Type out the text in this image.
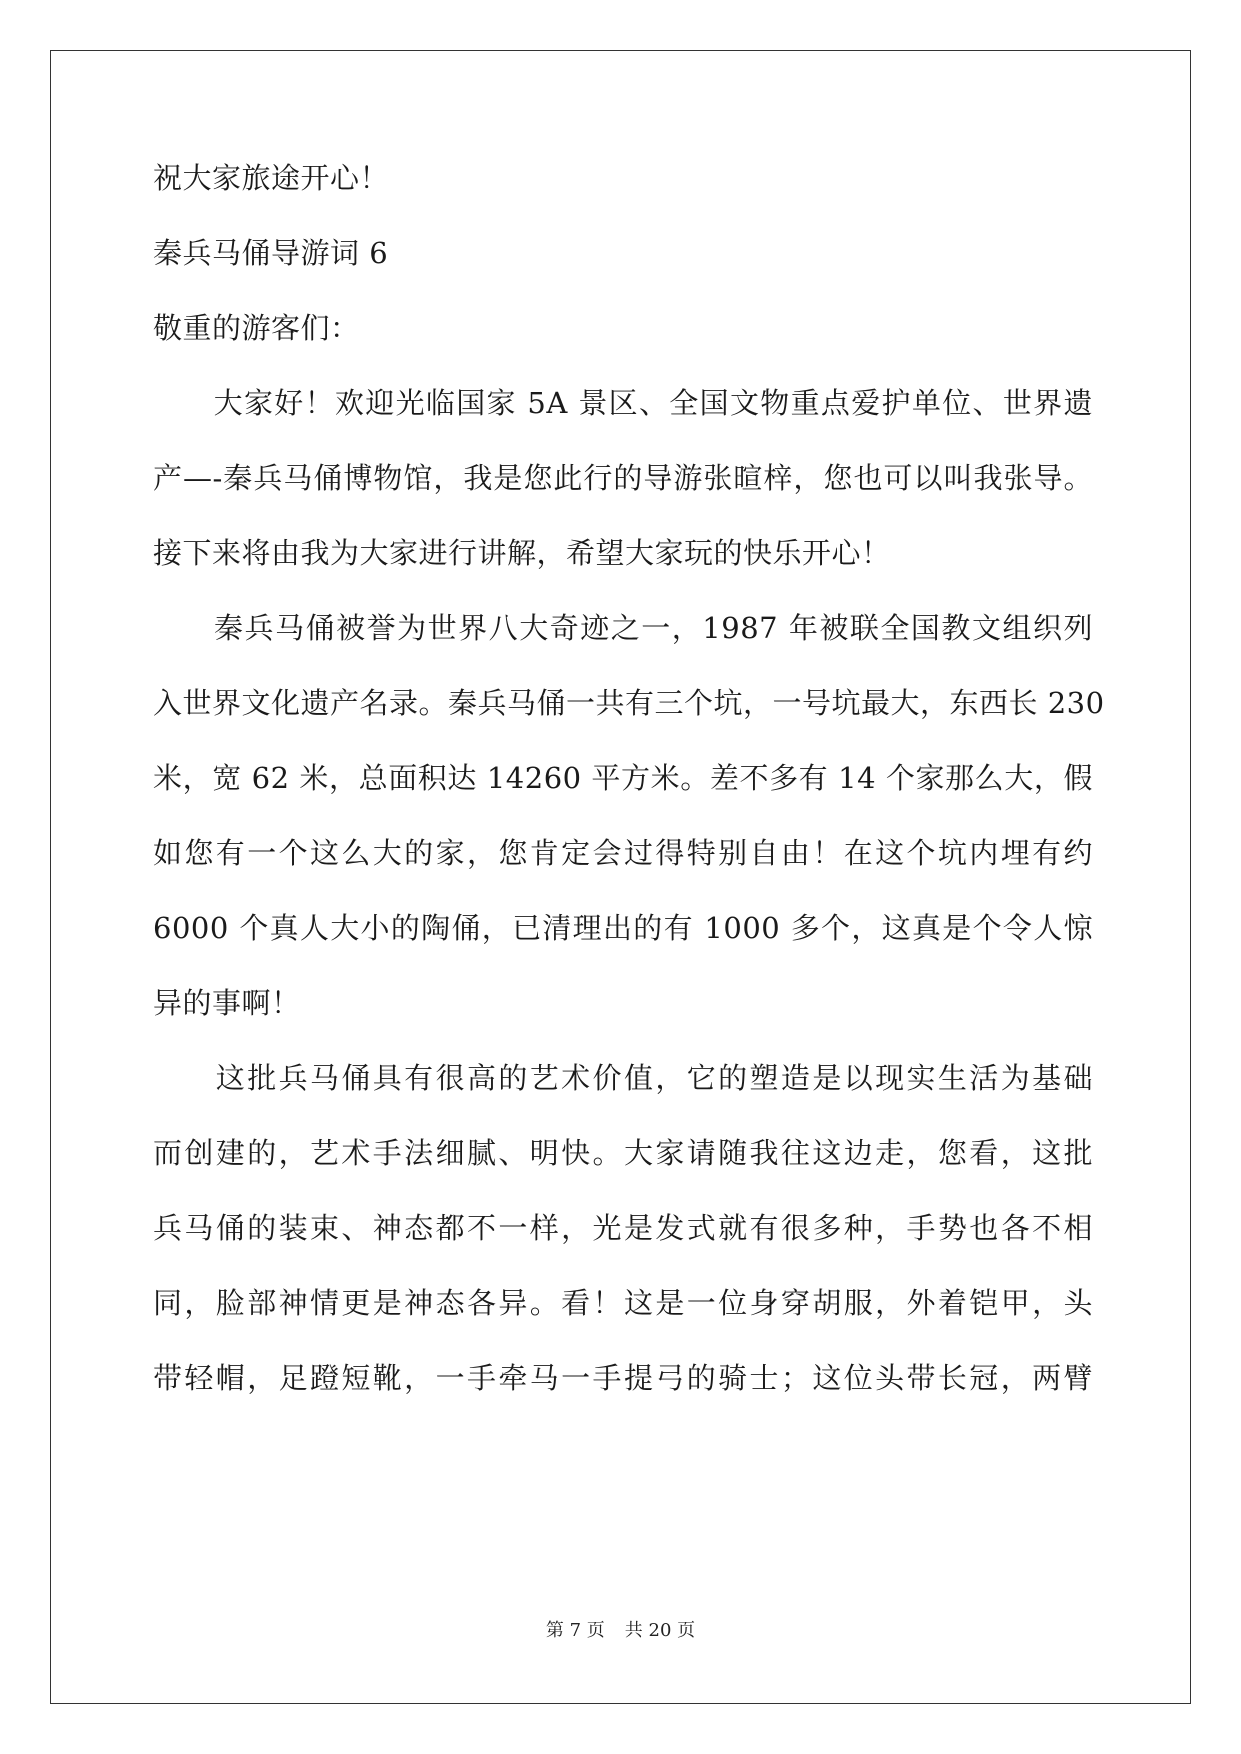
祝大家旅途开心！
秦兵马俑导游词 6
敬重的游客们：
　　大家好！欢迎光临国家 5A 景区、全国文物重点爱护单位、世界遗
产—-秦兵马俑博物馆，我是您此行的导游张暄梓，您也可以叫我张导。
接下来将由我为大家进行讲解，希望大家玩的快乐开心！
　　秦兵马俑被誉为世界八大奇迹之一，1987 年被联全国教文组织列
入世界文化遗产名录。秦兵马俑一共有三个坑，一号坑最大，东西长 230
米，宽 62 米，总面积达 14260 平方米。差不多有 14 个家那么大，假
如您有一个这么大的家，您肯定会过得特别自由！在这个坑内埋有约
6000 个真人大小的陶俑，已清理出的有 1000 多个，这真是个令人惊
异的事啊！
　　这批兵马俑具有很高的艺术价值，它的塑造是以现实生活为基础
而创建的，艺术手法细腻、明快。大家请随我往这边走，您看，这批
兵马俑的装束、神态都不一样，光是发式就有很多种，手势也各不相
同，脸部神情更是神态各异。看！这是一位身穿胡服，外着铠甲，头
带轻帽，足蹬短靴，一手牵马一手提弓的骑士；这位头带长冠，两臂
第 7 页 共 20 页
